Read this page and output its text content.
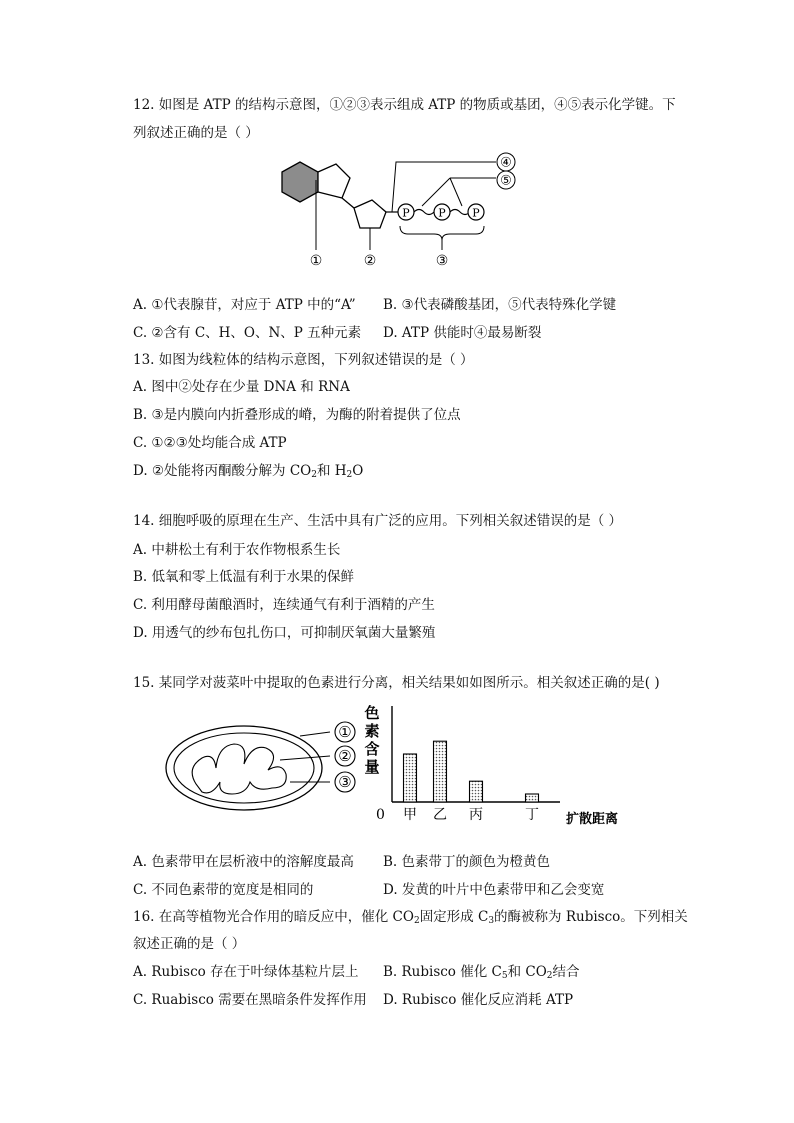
12. 如图是 ATP 的结构示意图，①②③表示组成 ATP 的物质或基团，④⑤表示化学键。下
列叙述正确的是（ ）
P	P P
④
⑤
①	②	③
A. ①代表腺苷，对应于 ATP 中的“A” B. ③代表磷酸基团，⑤代表特殊化学键
C. ②含有 C、H、O、N、P 五种元素 D. ATP 供能时④最易断裂
13. 如图为线粒体的结构示意图，下列叙述错误的是（ ）
A. 图中②处存在少量 DNA 和 RNA
B. ③是内膜向内折叠形成的嵴，为酶的附着提供了位点
C. ①②③处均能合成 ATP
D. ②处能将丙酮酸分解为 $CO_2$和 $H_2O$
14. 细胞呼吸的原理在生产、生活中具有广泛的应用。下列相关叙述错误的是（ ）
A. 中耕松土有利于农作物根系生长
B. 低氧和零上低温有利于水果的保鲜
C. 利用酵母菌酿酒时，连续通气有利于酒精的产生
D. 用透气的纱布包扎伤口，可抑制厌氧菌大量繁殖
15. 某同学对菠菜叶中提取的色素进行分离，相关结果如如图所示。相关叙述正确的是( )
①
②
③
色
素
含
量
0	扩散距离
甲 乙 丙	丁
A. 色素带甲在层析液中的溶解度最高 B. 色素带丁的颜色为橙黄色
C. 不同色素带的宽度是相同的	D. 发黄的叶片中色素带甲和乙会变宽
16. 在高等植物光合作用的暗反应中，催化 $CO_2$固定形成 $C_3$的酶被称为 Rubisco。下列相关
叙述正确的是（ ）
A. Rubisco 存在于叶绿体基粒片层上 B. Rubisco 催化 $C_5$和 $CO_2$结合
C. Ruabisco 需要在黑暗条件发挥作用 D. Rubisco 催化反应消耗 ATP
